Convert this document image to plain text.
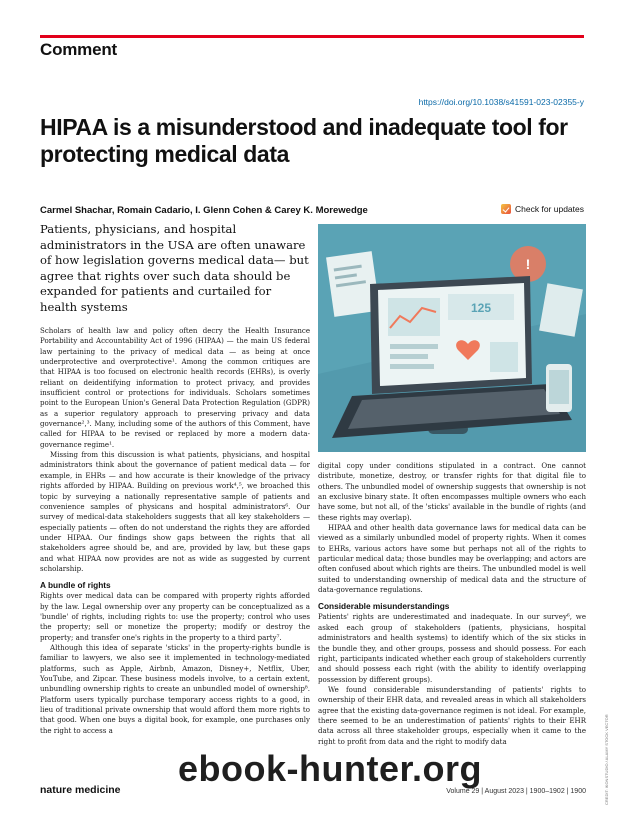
Comment
https://doi.org/10.1038/s41591-023-02355-y
HIPAA is a misunderstood and inadequate tool for protecting medical data
Carmel Shachar, Romain Cadario, I. Glenn Cohen & Carey K. Morewedge	Check for updates

Patients, physicians, and hospital administrators in the USA are often unaware of how legislation governs medical data— but agree that rights over such data should be expanded for patients and curtailed for health systems

Scholars of health law and policy often decry the Health Insurance Portability and Accountability Act of 1996 (HIPAA) — the main US federal law pertaining to the privacy of medical data — as being at once underprotective and overprotective¹. Among the common critiques are that HIPAA is too focused on electronic health records (EHRs), is overly reliant on deidentifying information to protect privacy, and provides insufficient control or protections for individuals. Scholars sometimes point to the European Union's General Data Protection Regulation (GDPR) as a superior regulatory approach to preserving privacy and data governance²,³. Many, including some of the authors of this Comment, have called for HIPAA to be revised or replaced by more a modern data-governance regime¹.

Missing from this discussion is what patients, physicians, and hospital administrators think about the governance of patient medical data — for example, in EHRs — and how accurate is their knowledge of the privacy rights afforded by HIPAA. Building on previous work⁴,⁵, we broached this topic by surveying a nationally representative sample of patients and convenience samples of physicans and hospital administrators⁶. Our survey of medical-data stakeholders suggests that all key stakeholders — especially patients — often do not understand the rights they are afforded under HIPAA. Our findings show gaps between the rights that all stakeholders agree should be, and are, provided by law, but these gaps and what HIPAA now provides are not as wide as suggested by current scholarship.

A bundle of rights

Rights over medical data can be compared with property rights afforded by the law. Legal ownership over any property can be conceptualized as a 'bundle' of rights, including rights to: use the property; control who uses the property; sell or monetize the property; modify or destroy the property; and transfer one's rights in the property to a third party⁷.

Although this idea of separate 'sticks' in the property-rights bundle is familiar to lawyers, we also see it implemented in technology-mediated platforms, such as Apple, Airbnb, Amazon, Disney+, Netflix, Uber, YouTube, and Zipcar. These business models involve, to a certain extent, unbundling ownership rights to create an unbundled model of ownership⁸. Platform users typically purchase temporary access rights to a good, in lieu of traditional private ownership that would afford them more rights to that good. When one buys a digital book, for example, one purchases only the right to access a

!
125

digital copy under conditions stipulated in a contract. One cannot distribute, monetize, destroy, or transfer rights for that digital file to others. The unbundled model of ownership suggests that ownership is not an exclusive binary state. It often encompasses multiple owners who each have some, but not all, of the 'sticks' available in the bundle of rights (and these rights may overlap).

HIPAA and other health data governance laws for medical data can be viewed as a similarly unbundled model of property rights. When it comes to EHRs, various actors have some but perhaps not all of the rights to particular medical data; those bundles may be overlapping; and actors are often confused about which rights are theirs. The unbundled model is well suited to understanding ownership of medical data and the structure of data-governance regulations.

Considerable misunderstandings

Patients' rights are underestimated and inadequate. In our survey⁶, we asked each group of stakeholders (patients, physicians, hospital administrators and health systems) to identify which of the six sticks in the bundle they, and other groups, possess and should possess. For each right, participants indicated whether each group of stakeholders currently and should possess each right (with the ability to identify overlapping possession by different groups).

We found considerable misunderstanding of patients' rights to ownership of their EHR data, and revealed areas in which all stakeholders agree that the existing data-governance regimen is not ideal. For example, there seemed to be an underestimation of patients' rights to their EHR data across all three stakeholder groups, especially when it came to the right to profit from data and the right to modify data	CREDIT: IKONSTUDIO / ALAMY STOCK VECTOR
nature medicine	Volume 29 | August 2023 | 1900–1902 | 1900
ebook-hunter.org
